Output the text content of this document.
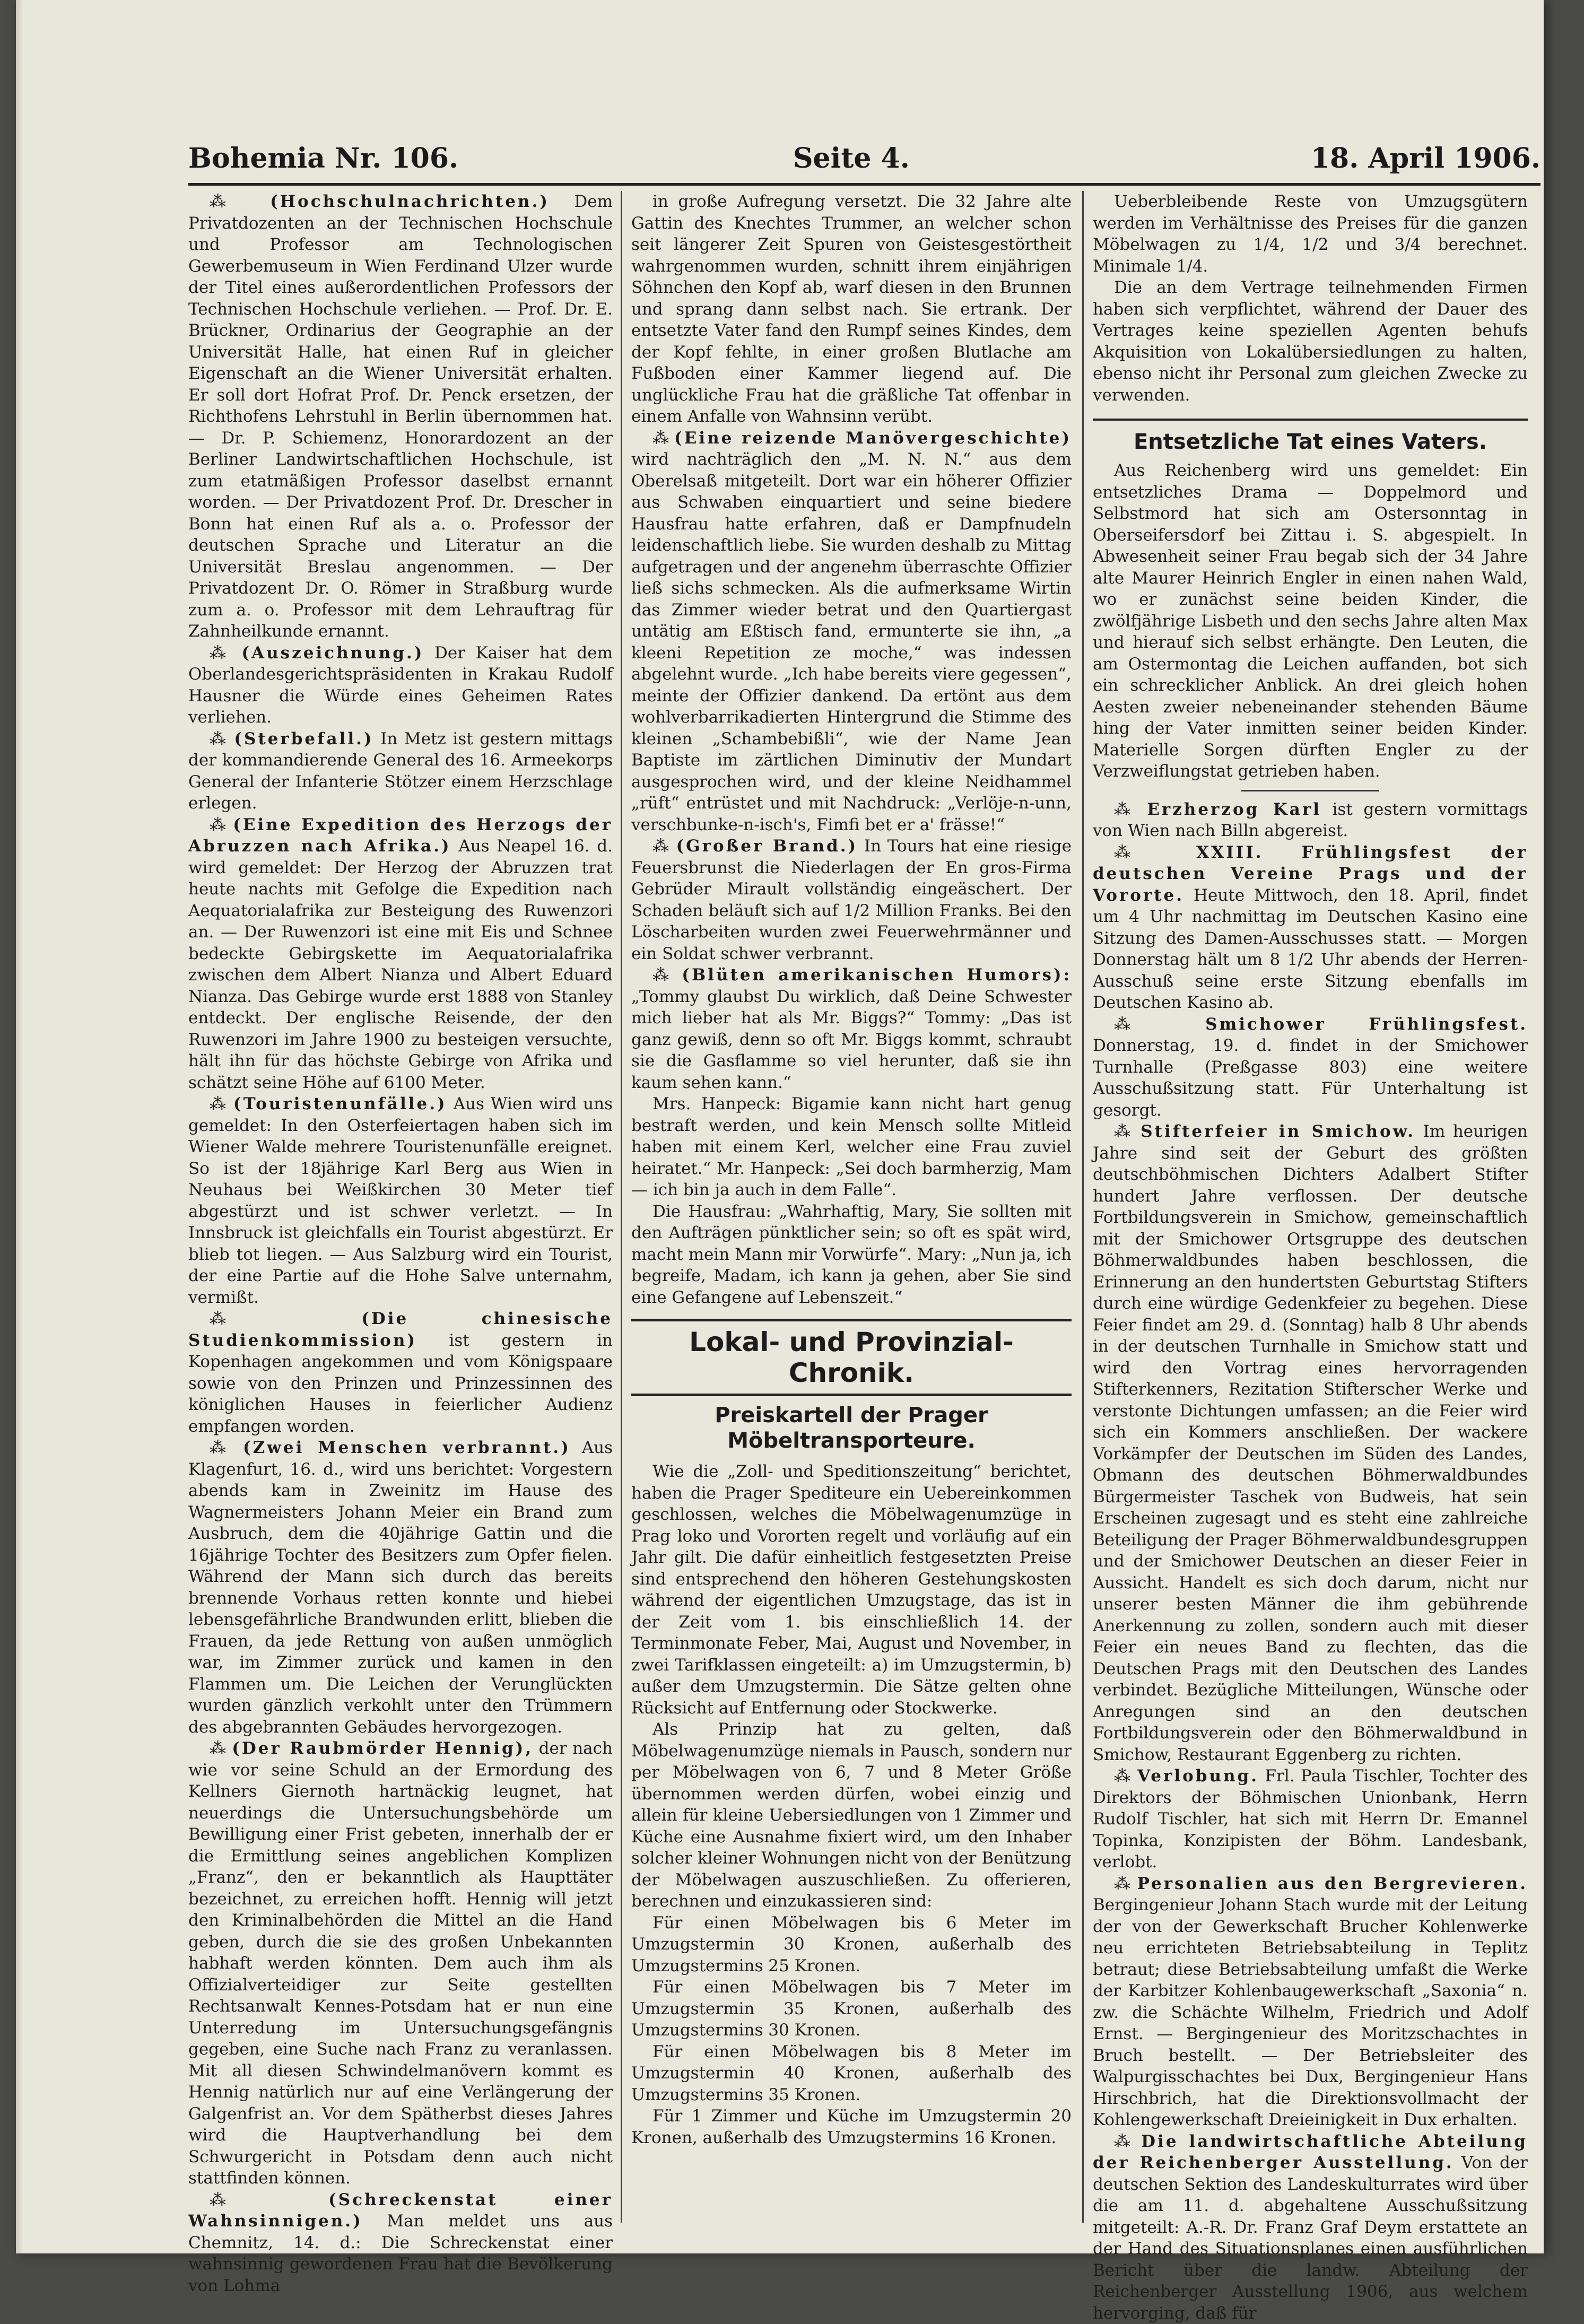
Bohemia Nr. 106.	Seite 4.	18. April 1906.

⁂ (Hochschulnachrichten.) Dem Privatdozenten an der Technischen Hochschule und Professor am Technologischen Gewerbemuseum in Wien Ferdinand Ulzer wurde der Titel eines außerordentlichen Professors der Technischen Hochschule verliehen. — Prof. Dr. E. Brückner, Ordinarius der Geographie an der Universität Halle, hat einen Ruf in gleicher Eigenschaft an die Wiener Universität erhalten. Er soll dort Hofrat Prof. Dr. Penck ersetzen, der Richthofens Lehrstuhl in Berlin übernommen hat. — Dr. P. Schiemenz, Honorardozent an der Berliner Landwirtschaftlichen Hochschule, ist zum etatmäßigen Professor daselbst ernannt worden. — Der Privatdozent Prof. Dr. Drescher in Bonn hat einen Ruf als a. o. Professor der deutschen Sprache und Literatur an die Universität Breslau angenommen. — Der Privatdozent Dr. O. Römer in Straßburg wurde zum a. o. Professor mit dem Lehrauftrag für Zahnheilkunde ernannt.

⁂ (Auszeichnung.) Der Kaiser hat dem Oberlandesgerichtspräsidenten in Krakau Rudolf Hausner die Würde eines Geheimen Rates verliehen.

⁂ (Sterbefall.) In Metz ist gestern mittags der kommandierende General des 16. Armeekorps General der Infanterie Stötzer einem Herzschlage erlegen.

⁂ (Eine Expedition des Herzogs der Abruzzen nach Afrika.) Aus Neapel 16. d. wird gemeldet: Der Herzog der Abruzzen trat heute nachts mit Gefolge die Expedition nach Aequatorialafrika zur Besteigung des Ruwenzori an. — Der Ruwenzori ist eine mit Eis und Schnee bedeckte Gebirgskette im Aequatorialafrika zwischen dem Albert Nianza und Albert Eduard Nianza. Das Gebirge wurde erst 1888 von Stanley entdeckt. Der englische Reisende, der den Ruwenzori im Jahre 1900 zu besteigen versuchte, hält ihn für das höchste Gebirge von Afrika und schätzt seine Höhe auf 6100 Meter.

⁂ (Touristenunfälle.) Aus Wien wird uns gemeldet: In den Osterfeiertagen haben sich im Wiener Walde mehrere Touristenunfälle ereignet. So ist der 18jährige Karl Berg aus Wien in Neuhaus bei Weißkirchen 30 Meter tief abgestürzt und ist schwer verletzt. — In Innsbruck ist gleichfalls ein Tourist abgestürzt. Er blieb tot liegen. — Aus Salzburg wird ein Tourist, der eine Partie auf die Hohe Salve unternahm, vermißt.

⁂ (Die chinesische Studienkommission) ist gestern in Kopenhagen angekommen und vom Königspaare sowie von den Prinzen und Prinzessinnen des königlichen Hauses in feierlicher Audienz empfangen worden.

⁂ (Zwei Menschen verbrannt.) Aus Klagenfurt, 16. d., wird uns berichtet: Vorgestern abends kam in Zweinitz im Hause des Wagnermeisters Johann Meier ein Brand zum Ausbruch, dem die 40jährige Gattin und die 16jährige Tochter des Besitzers zum Opfer fielen. Während der Mann sich durch das bereits brennende Vorhaus retten konnte und hiebei lebensgefährliche Brandwunden erlitt, blieben die Frauen, da jede Rettung von außen unmöglich war, im Zimmer zurück und kamen in den Flammen um. Die Leichen der Verunglückten wurden gänzlich verkohlt unter den Trümmern des abgebrannten Gebäudes hervorgezogen.

⁂ (Der Raubmörder Hennig), der nach wie vor seine Schuld an der Ermordung des Kellners Giernoth hartnäckig leugnet, hat neuerdings die Untersuchungsbehörde um Bewilligung einer Frist gebeten, innerhalb der er die Ermittlung seines angeblichen Komplizen „Franz“, den er bekanntlich als Haupttäter bezeichnet, zu erreichen hofft. Hennig will jetzt den Kriminalbehörden die Mittel an die Hand geben, durch die sie des großen Unbekannten habhaft werden könnten. Dem auch ihm als Offizialverteidiger zur Seite gestellten Rechtsanwalt Kennes-Potsdam hat er nun eine Unterredung im Untersuchungsgefängnis gegeben, eine Suche nach Franz zu veranlassen. Mit all diesen Schwindelmanövern kommt es Hennig natürlich nur auf eine Verlängerung der Galgenfrist an. Vor dem Spätherbst dieses Jahres wird die Hauptverhandlung bei dem Schwurgericht in Potsdam denn auch nicht stattfinden können.

⁂ (Schreckenstat einer Wahnsinnigen.) Man meldet uns aus Chemnitz, 14. d.: Die Schreckenstat einer wahnsinnig gewordenen Frau hat die Bevölkerung von Lohma

in große Aufregung versetzt. Die 32 Jahre alte Gattin des Knechtes Trummer, an welcher schon seit längerer Zeit Spuren von Geistesgestörtheit wahrgenommen wurden, schnitt ihrem einjährigen Söhnchen den Kopf ab, warf diesen in den Brunnen und sprang dann selbst nach. Sie ertrank. Der entsetzte Vater fand den Rumpf seines Kindes, dem der Kopf fehlte, in einer großen Blutlache am Fußboden einer Kammer liegend auf. Die unglückliche Frau hat die gräßliche Tat offenbar in einem Anfalle von Wahnsinn verübt.

⁂ (Eine reizende Manövergeschichte) wird nachträglich den „M. N. N.“ aus dem Oberelsaß mitgeteilt. Dort war ein höherer Offizier aus Schwaben einquartiert und seine biedere Hausfrau hatte erfahren, daß er Dampfnudeln leidenschaftlich liebe. Sie wurden deshalb zu Mittag aufgetragen und der angenehm überraschte Offizier ließ sichs schmecken. Als die aufmerksame Wirtin das Zimmer wieder betrat und den Quartiergast untätig am Eßtisch fand, ermunterte sie ihn, „a kleeni Repetition ze moche,“ was indessen abgelehnt wurde. „Ich habe bereits viere gegessen“, meinte der Offizier dankend. Da ertönt aus dem wohlverbarrikadierten Hintergrund die Stimme des kleinen „Schambebißli“, wie der Name Jean Baptiste im zärtlichen Diminutiv der Mundart ausgesprochen wird, und der kleine Neidhammel „rüft“ entrüstet und mit Nachdruck: „Verlöje-n-unn, verschbunke-n-isch's, Fimfi bet er a' frässe!“

⁂ (Großer Brand.) In Tours hat eine riesige Feuersbrunst die Niederlagen der En gros-Firma Gebrüder Mirault vollständig eingeäschert. Der Schaden beläuft sich auf 1/2 Million Franks. Bei den Löscharbeiten wurden zwei Feuerwehrmänner und ein Soldat schwer verbrannt.

⁂ (Blüten amerikanischen Humors): „Tommy glaubst Du wirklich, daß Deine Schwester mich lieber hat als Mr. Biggs?“ Tommy: „Das ist ganz gewiß, denn so oft Mr. Biggs kommt, schraubt sie die Gasflamme so viel herunter, daß sie ihn kaum sehen kann.“

Mrs. Hanpeck: Bigamie kann nicht hart genug bestraft werden, und kein Mensch sollte Mitleid haben mit einem Kerl, welcher eine Frau zuviel heiratet.“ Mr. Hanpeck: „Sei doch barmherzig, Mam — ich bin ja auch in dem Falle“.

Die Hausfrau: „Wahrhaftig, Mary, Sie sollten mit den Aufträgen pünktlicher sein; so oft es spät wird, macht mein Mann mir Vorwürfe“. Mary: „Nun ja, ich begreife, Madam, ich kann ja gehen, aber Sie sind eine Gefangene auf Lebenszeit.“

Lokal- und Provinzial-Chronik.
Preiskartell der Prager Möbeltransporteure.

Wie die „Zoll- und Speditionszeitung“ berichtet, haben die Prager Spediteure ein Uebereinkommen geschlossen, welches die Möbelwagenumzüge in Prag loko und Vororten regelt und vorläufig auf ein Jahr gilt. Die dafür einheitlich festgesetzten Preise sind entsprechend den höheren Gestehungskosten während der eigentlichen Umzugstage, das ist in der Zeit vom 1. bis einschließlich 14. der Terminmonate Feber, Mai, August und November, in zwei Tarifklassen eingeteilt: a) im Umzugstermin, b) außer dem Umzugstermin. Die Sätze gelten ohne Rücksicht auf Entfernung oder Stockwerke.

Als Prinzip hat zu gelten, daß Möbelwagenumzüge niemals in Pausch, sondern nur per Möbelwagen von 6, 7 und 8 Meter Größe übernommen werden dürfen, wobei einzig und allein für kleine Uebersiedlungen von 1 Zimmer und Küche eine Ausnahme fixiert wird, um den Inhaber solcher kleiner Wohnungen nicht von der Benützung der Möbelwagen auszuschließen. Zu offerieren, berechnen und einzukassieren sind:

Für einen Möbelwagen bis 6 Meter im Umzugstermin 30 Kronen, außerhalb des Umzugstermins 25 Kronen.

Für einen Möbelwagen bis 7 Meter im Umzugstermin 35 Kronen, außerhalb des Umzugstermins 30 Kronen.

Für einen Möbelwagen bis 8 Meter im Umzugstermin 40 Kronen, außerhalb des Umzugstermins 35 Kronen.

Für 1 Zimmer und Küche im Umzugstermin 20 Kronen, außerhalb des Umzugstermins 16 Kronen.

Ueberbleibende Reste von Umzugsgütern werden im Verhältnisse des Preises für die ganzen Möbelwagen zu 1/4, 1/2 und 3/4 berechnet. Minimale 1/4.

Die an dem Vertrage teilnehmenden Firmen haben sich verpflichtet, während der Dauer des Vertrages keine speziellen Agenten behufs Akquisition von Lokalübersiedlungen zu halten, ebenso nicht ihr Personal zum gleichen Zwecke zu verwenden.

Entsetzliche Tat eines Vaters.

Aus Reichenberg wird uns gemeldet: Ein entsetzliches Drama — Doppelmord und Selbstmord hat sich am Ostersonntag in Oberseifersdorf bei Zittau i. S. abgespielt. In Abwesenheit seiner Frau begab sich der 34 Jahre alte Maurer Heinrich Engler in einen nahen Wald, wo er zunächst seine beiden Kinder, die zwölfjährige Lisbeth und den sechs Jahre alten Max und hierauf sich selbst erhängte. Den Leuten, die am Ostermontag die Leichen auffanden, bot sich ein schrecklicher Anblick. An drei gleich hohen Aesten zweier nebeneinander stehenden Bäume hing der Vater inmitten seiner beiden Kinder. Materielle Sorgen dürften Engler zu der Verzweiflungstat getrieben haben.

⁂ Erzherzog Karl ist gestern vormittags von Wien nach Billn abgereist.

⁂ XXIII. Frühlingsfest der deutschen Vereine Prags und der Vororte. Heute Mittwoch, den 18. April, findet um 4 Uhr nachmittag im Deutschen Kasino eine Sitzung des Damen-Ausschusses statt. — Morgen Donnerstag hält um 8 1/2 Uhr abends der Herren-Ausschuß seine erste Sitzung ebenfalls im Deutschen Kasino ab.

⁂ Smichower Frühlingsfest. Donnerstag, 19. d. findet in der Smichower Turnhalle (Preßgasse 803) eine weitere Ausschußsitzung statt. Für Unterhaltung ist gesorgt.

⁂ Stifterfeier in Smichow. Im heurigen Jahre sind seit der Geburt des größten deutschböhmischen Dichters Adalbert Stifter hundert Jahre verflossen. Der deutsche Fortbildungsverein in Smichow, gemeinschaftlich mit der Smichower Ortsgruppe des deutschen Böhmerwaldbundes haben beschlossen, die Erinnerung an den hundertsten Geburtstag Stifters durch eine würdige Gedenkfeier zu begehen. Diese Feier findet am 29. d. (Sonntag) halb 8 Uhr abends in der deutschen Turnhalle in Smichow statt und wird den Vortrag eines hervorragenden Stifterkenners, Rezitation Stifterscher Werke und verstonte Dichtungen umfassen; an die Feier wird sich ein Kommers anschließen. Der wackere Vorkämpfer der Deutschen im Süden des Landes, Obmann des deutschen Böhmerwaldbundes Bürgermeister Taschek von Budweis, hat sein Erscheinen zugesagt und es steht eine zahlreiche Beteiligung der Prager Böhmerwaldbundesgruppen und der Smichower Deutschen an dieser Feier in Aussicht. Handelt es sich doch darum, nicht nur unserer besten Männer die ihm gebührende Anerkennung zu zollen, sondern auch mit dieser Feier ein neues Band zu flechten, das die Deutschen Prags mit den Deutschen des Landes verbindet. Bezügliche Mitteilungen, Wünsche oder Anregungen sind an den deutschen Fortbildungsverein oder den Böhmerwaldbund in Smichow, Restaurant Eggenberg zu richten.

⁂ Verlobung. Frl. Paula Tischler, Tochter des Direktors der Böhmischen Unionbank, Herrn Rudolf Tischler, hat sich mit Herrn Dr. Emannel Topinka, Konzipisten der Böhm. Landesbank, verlobt.

⁂ Personalien aus den Bergrevieren. Bergingenieur Johann Stach wurde mit der Leitung der von der Gewerkschaft Brucher Kohlenwerke neu errichteten Betriebsabteilung in Teplitz betraut; diese Betriebsabteilung umfaßt die Werke der Karbitzer Kohlenbaugewerkschaft „Saxonia“ n. zw. die Schächte Wilhelm, Friedrich und Adolf Ernst. — Bergingenieur des Moritzschachtes in Bruch bestellt. — Der Betriebsleiter des Walpurgisschachtes bei Dux, Bergingenieur Hans Hirschbrich, hat die Direktionsvollmacht der Kohlengewerkschaft Dreieinigkeit in Dux erhalten.

⁂ Die landwirtschaftliche Abteilung der Reichenberger Ausstellung. Von der deutschen Sektion des Landeskulturrates wird über die am 11. d. abgehaltene Ausschußsitzung mitgeteilt: A.-R. Dr. Franz Graf Deym erstattete an der Hand des Situationsplanes einen ausführlichen Bericht über die landw. Abteilung der Reichenberger Ausstellung 1906, aus welchem hervorging, daß für
